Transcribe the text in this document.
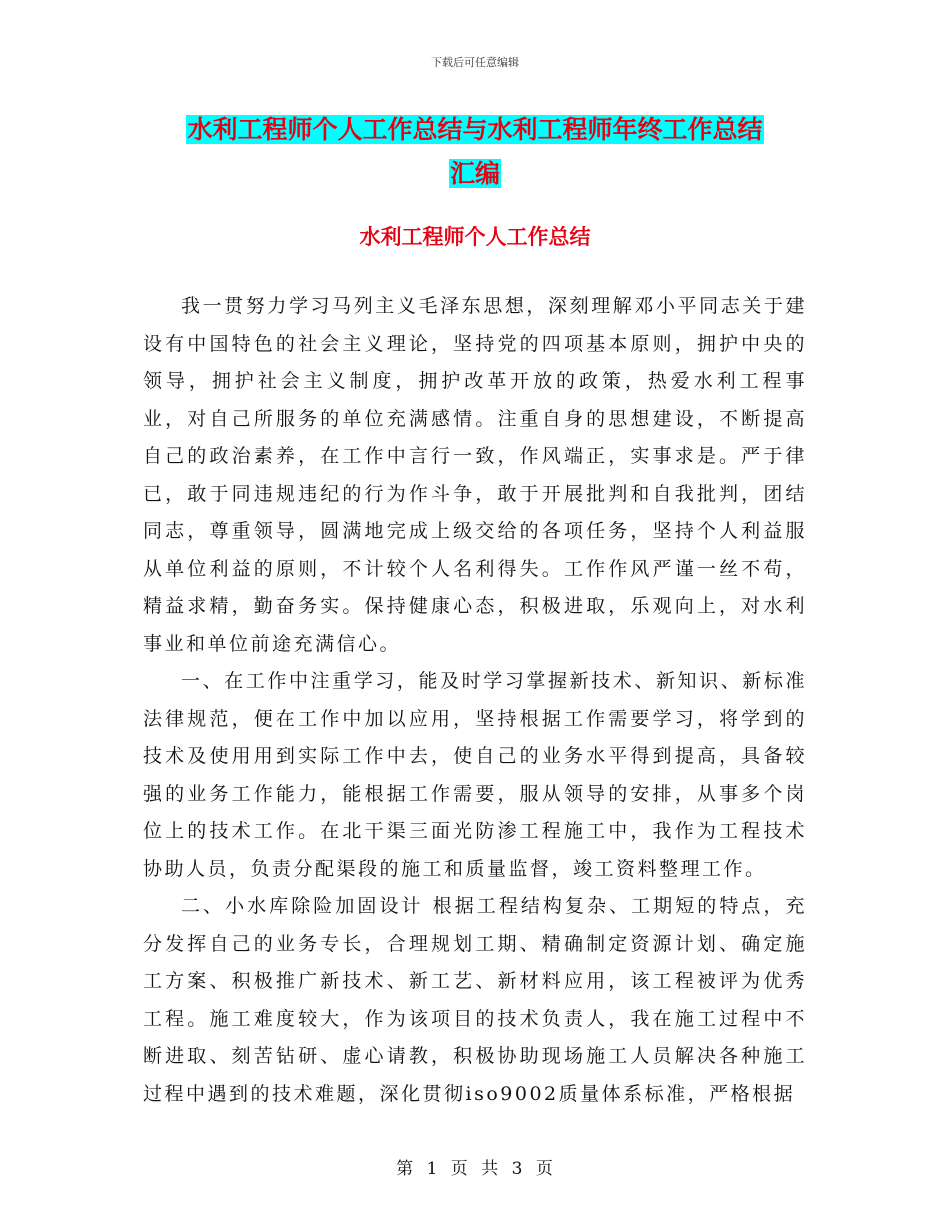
下载后可任意编辑
水利工程师个人工作总结与水利工程师年终工作总结
汇编
水利工程师个人工作总结

我一贯努力学习马列主义毛泽东思想，深刻理解邓小平同志关于建设有中国特色的社会主义理论，坚持党的四项基本原则，拥护中央的领导，拥护社会主义制度，拥护改革开放的政策，热爱水利工程事业，对自己所服务的单位充满感情。注重自身的思想建设，不断提高自己的政治素养，在工作中言行一致，作风端正，实事求是。严于律已，敢于同违规违纪的行为作斗争，敢于开展批判和自我批判，团结同志，尊重领导，圆满地完成上级交给的各项任务，坚持个人利益服从单位利益的原则，不计较个人名利得失。工作作风严谨一丝不苟，精益求精，勤奋务实。保持健康心态，积极进取，乐观向上，对水利事业和单位前途充满信心。

一、在工作中注重学习，能及时学习掌握新技术、新知识、新标准法律规范，便在工作中加以应用，坚持根据工作需要学习，将学到的技术及使用用到实际工作中去，使自己的业务水平得到提高，具备较强的业务工作能力，能根据工作需要，服从领导的安排，从事多个岗位上的技术工作。在北干渠三面光防渗工程施工中，我作为工程技术协助人员，负责分配渠段的施工和质量监督，竣工资料整理工作。

二、小水库除险加固设计 根据工程结构复杂、工期短的特点，充分发挥自己的业务专长，合理规划工期、精确制定资源计划、确定施工方案、积极推广新技术、新工艺、新材料应用，该工程被评为优秀工程。施工难度较大，作为该项目的技术负责人，我在施工过程中不断进取、刻苦钻研、虚心请教，积极协助现场施工人员解决各种施工过程中遇到的技术难题，深化贯彻iso9002质量体系标准，严格根据

第 1 页 共 3 页
